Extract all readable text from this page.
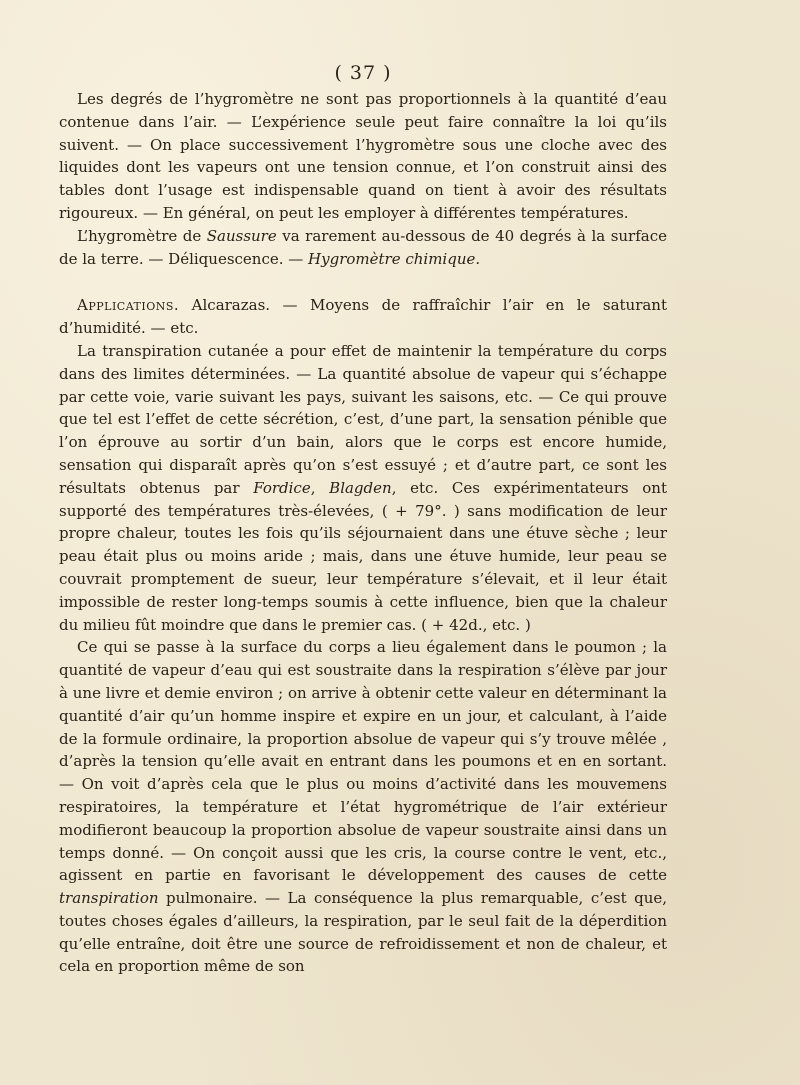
( 37 )

Les degrés de l’hygromètre ne sont pas proportionnels à la quantité d’eau contenue dans l’air. — L’expérience seule peut faire connaître la loi qu’ils suivent. — On place successivement l’hygromètre sous une cloche avec des liquides dont les vapeurs ont une tension connue, et l’on construit ainsi des tables dont l’usage est indispensable quand on tient à avoir des résultats rigoureux. — En général, on peut les employer à différentes températures.

L’hygromètre de Saussure va rarement au-dessous de 40 degrés à la surface de la terre. — Déliquescence. — Hygromètre chimique.

Applications. Alcarazas. — Moyens de raffraîchir l’air en le saturant d’humidité. — etc.

La transpiration cutanée a pour effet de maintenir la température du corps dans des limites déterminées. — La quantité absolue de vapeur qui s’échappe par cette voie, varie suivant les pays, suivant les saisons, etc. — Ce qui prouve que tel est l’effet de cette sécrétion, c’est, d’une part, la sensation pénible que l’on éprouve au sortir d’un bain, alors que le corps est encore humide, sensation qui disparaît après qu’on s’est essuyé ; et d’autre part, ce sont les résultats obtenus par Fordice, Blagden, etc. Ces expérimentateurs ont supporté des températures très-élevées, ( + 79°. ) sans modification de leur propre chaleur, toutes les fois qu’ils séjournaient dans une étuve sèche ; leur peau était plus ou moins aride ; mais, dans une étuve humide, leur peau se couvrait promptement de sueur, leur température s’élevait, et il leur était impossible de rester long-temps soumis à cette influence, bien que la chaleur du milieu fût moindre que dans le premier cas. ( + 42d., etc. )

Ce qui se passe à la surface du corps a lieu également dans le poumon ; la quantité de vapeur d’eau qui est soustraite dans la respiration s’élève par jour à une livre et demie environ ; on arrive à obtenir cette valeur en déterminant la quantité d’air qu’un homme inspire et expire en un jour, et calculant, à l’aide de la formule ordinaire, la proportion absolue de vapeur qui s’y trouve mêlée , d’après la tension qu’elle avait en entrant dans les poumons et en en sortant. — On voit d’après cela que le plus ou moins d’activité dans les mouvemens respiratoires, la température et l’état hygrométrique de l’air extérieur modifieront beaucoup la proportion absolue de vapeur soustraite ainsi dans un temps donné. — On conçoit aussi que les cris, la course contre le vent, etc., agissent en partie en favorisant le développement des causes de cette transpiration pulmonaire. — La conséquence la plus remarquable, c’est que, toutes choses égales d’ailleurs, la respiration, par le seul fait de la déperdition qu’elle entraîne, doit être une source de refroidissement et non de chaleur, et cela en proportion même de son
